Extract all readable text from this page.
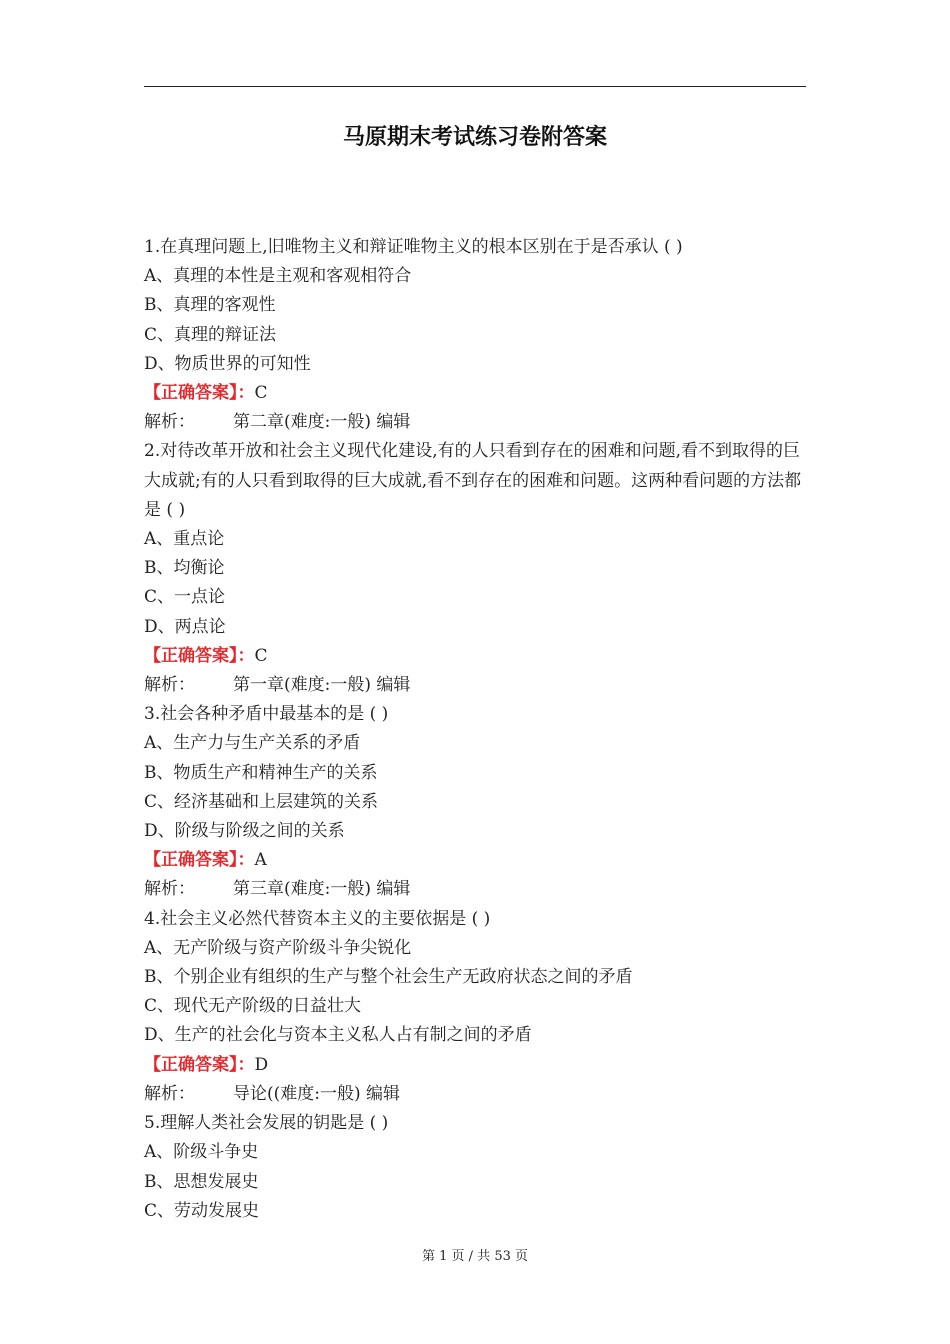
马原期末考试练习卷附答案
1.在真理问题上,旧唯物主义和辩证唯物主义的根本区别在于是否承认 ( )
A、真理的本性是主观和客观相符合
B、真理的客观性
C、真理的辩证法
D、物质世界的可知性
【正确答案】：C
解析： 第二章(难度:一般) 编辑
2.对待改革开放和社会主义现代化建设,有的人只看到存在的困难和问题,看不到取得的巨大成就;有的人只看到取得的巨大成就,看不到存在的困难和问题。这两种看问题的方法都是 ( )
A、重点论
B、均衡论
C、一点论
D、两点论
【正确答案】：C
解析： 第一章(难度:一般) 编辑
3.社会各种矛盾中最基本的是 ( )
A、生产力与生产关系的矛盾
B、物质生产和精神生产的关系
C、经济基础和上层建筑的关系
D、阶级与阶级之间的关系
【正确答案】：A
解析： 第三章(难度:一般) 编辑
4.社会主义必然代替资本主义的主要依据是 ( )
A、无产阶级与资产阶级斗争尖锐化
B、个别企业有组织的生产与整个社会生产无政府状态之间的矛盾
C、现代无产阶级的日益壮大
D、生产的社会化与资本主义私人占有制之间的矛盾
【正确答案】：D
解析： 导论((难度:一般) 编辑
5.理解人类社会发展的钥匙是 ( )
A、阶级斗争史
B、思想发展史
C、劳动发展史
第 1 页 / 共 53 页
